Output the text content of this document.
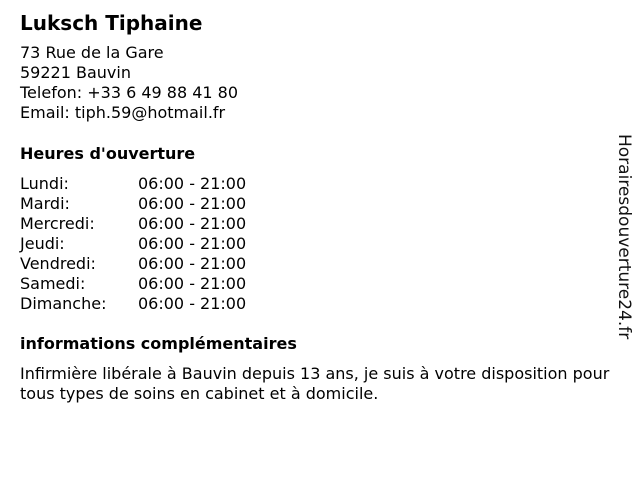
Luksch Tiphaine
73 Rue de la Gare
59221 Bauvin
Telefon: +33 6 49 88 41 80
Email: tiph.59@hotmail.fr
Heures d'ouverture
Lundi:	06:00 - 21:00
Mardi:	06:00 - 21:00
Mercredi:	06:00 - 21:00
Jeudi:	06:00 - 21:00
Vendredi:	06:00 - 21:00
Samedi:	06:00 - 21:00
Dimanche: 06:00 - 21:00
informations complémentaires
Infirmière libérale à Bauvin depuis 13 ans, je suis à votre disposition pour tous types de soins en cabinet et à domicile.
Horairesdouverture24.fr
